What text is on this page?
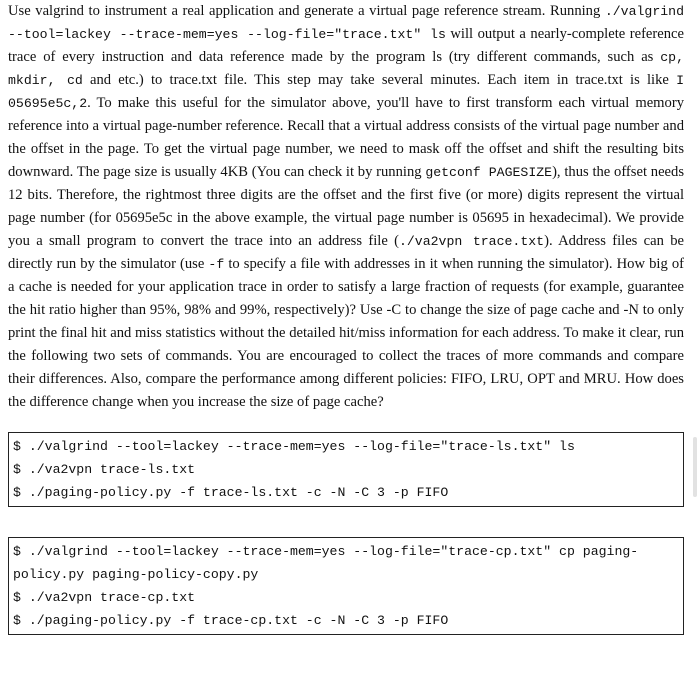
Use valgrind to instrument a real application and generate a virtual page reference stream. Running ./valgrind --tool=lackey --trace-mem=yes --log-file="trace.txt" ls will output a nearly-complete reference trace of every instruction and data reference made by the program ls (try different commands, such as cp, mkdir, cd and etc.) to trace.txt file. This step may take several minutes. Each item in trace.txt is like I 05695e5c,2. To make this useful for the simulator above, you'll have to first transform each virtual memory reference into a virtual page-number reference. Recall that a virtual address consists of the virtual page number and the offset in the page. To get the virtual page number, we need to mask off the offset and shift the resulting bits downward. The page size is usually 4KB (You can check it by running getconf PAGESIZE), thus the offset needs 12 bits. Therefore, the rightmost three digits are the offset and the first five (or more) digits represent the virtual page number (for 05695e5c in the above example, the virtual page number is 05695 in hexadecimal). We provide you a small program to convert the trace into an address file (./va2vpn trace.txt). Address files can be directly run by the simulator (use -f to specify a file with addresses in it when running the simulator). How big of a cache is needed for your application trace in order to satisfy a large fraction of requests (for example, guarantee the hit ratio higher than 95%, 98% and 99%, respectively)? Use -C to change the size of page cache and -N to only print the final hit and miss statistics without the detailed hit/miss information for each address. To make it clear, run the following two sets of commands. You are encouraged to collect the traces of more commands and compare their differences. Also, compare the performance among different policies: FIFO, LRU, OPT and MRU. How does the difference change when you increase the size of page cache?

$ ./valgrind --tool=lackey --trace-mem=yes --log-file="trace-ls.txt" ls
$ ./va2vpn trace-ls.txt
$ ./paging-policy.py -f trace-ls.txt -c -N -C 3 -p FIFO
$ ./valgrind --tool=lackey --trace-mem=yes --log-file="trace-cp.txt" cp paging-policy.py paging-policy-copy.py
$ ./va2vpn trace-cp.txt
$ ./paging-policy.py -f trace-cp.txt -c -N -C 3 -p FIFO
